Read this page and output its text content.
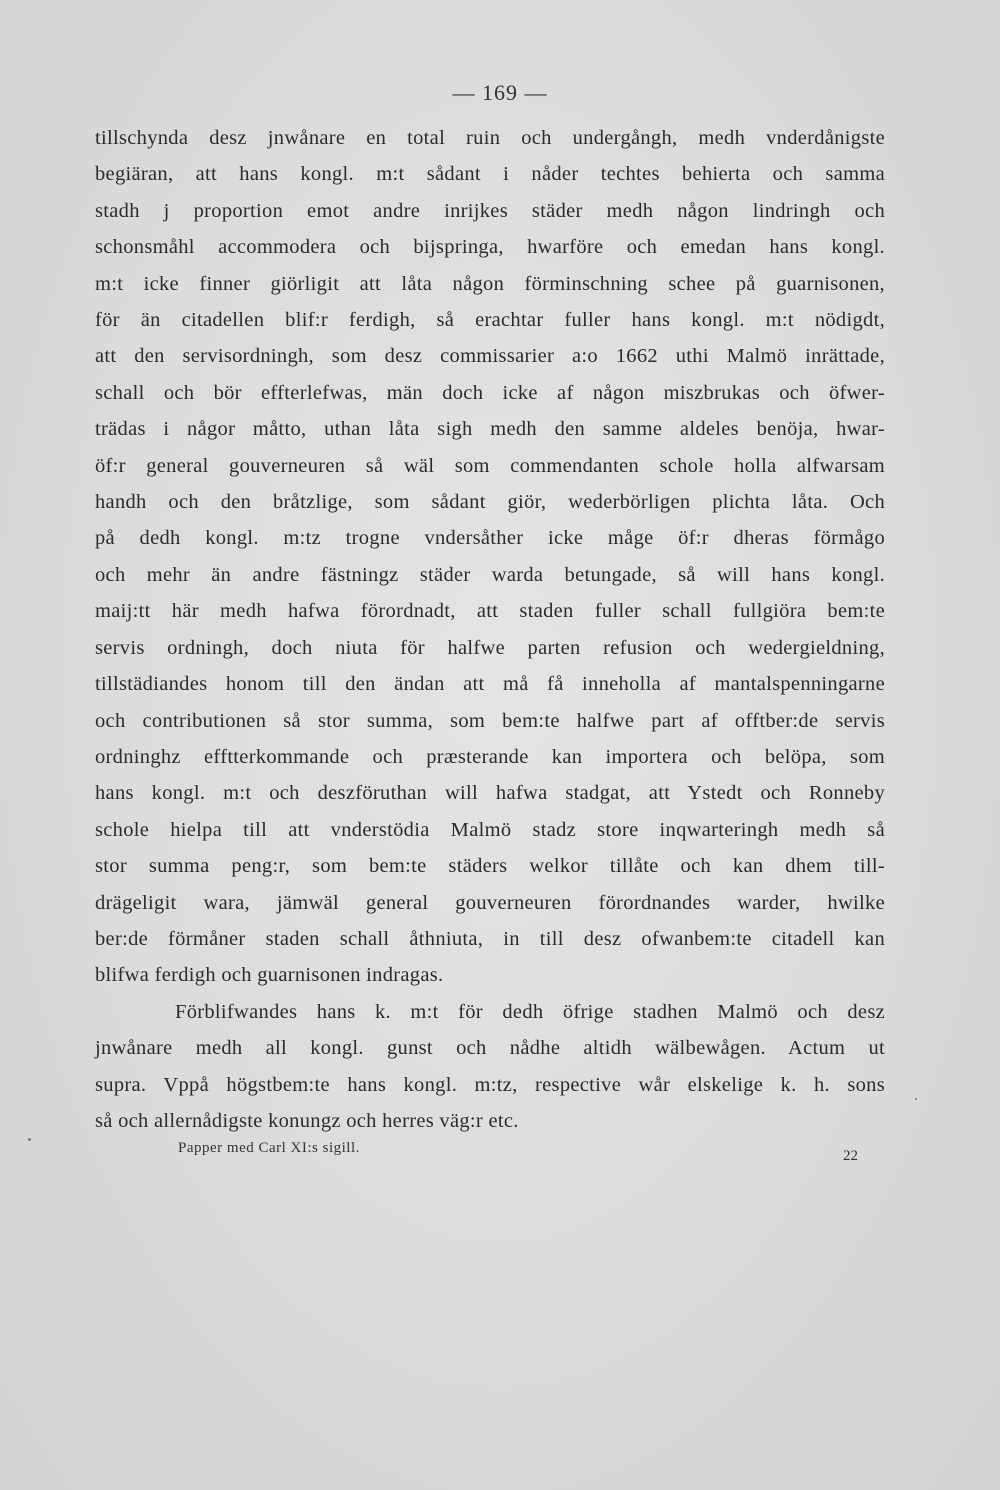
— 169 —
tillschynda desz jnwånare en total ruin och undergångh, medh vnderdånigste
begiäran, att hans kongl. m:t sådant i nåder techtes behierta och samma
stadh j proportion emot andre inrijkes städer medh någon lindringh och
schonsmåhl accommodera och bijspringa, hwarföre och emedan hans kongl.
m:t icke finner giörligit att låta någon förminschning schee på guarnisonen,
för än citadellen blif:r ferdigh, så erachtar fuller hans kongl. m:t nödigdt,
att den servisordningh, som desz commissarier a:o 1662 uthi Malmö inrättade,
schall och bör effterlefwas, män doch icke af någon miszbrukas och öfwer-
trädas i någor måtto, uthan låta sigh medh den samme aldeles benöja, hwar-
öf:r general gouverneuren så wäl som commendanten schole holla alfwarsam
handh och den bråtzlige, som sådant giör, wederbörligen plichta låta. Och
på dedh kongl. m:tz trogne vndersåther icke måge öf:r dheras förmågo
och mehr än andre fästningz städer warda betungade, så will hans kongl.
maij:tt här medh hafwa förordnadt, att staden fuller schall fullgiöra bem:te
servis ordningh, doch niuta för halfwe parten refusion och wedergieldning,
tillstädiandes honom till den ändan att må få inneholla af mantalspenningarne
och contributionen så stor summa, som bem:te halfwe part af offtber:de servis
ordninghz efftterkommande och præsterande kan importera och belöpa, som
hans kongl. m:t och deszföruthan will hafwa stadgat, att Ystedt och Ronneby
schole hielpa till att vnderstödia Malmö stadz store inqwarteringh medh så
stor summa peng:r, som bem:te städers welkor tillåte och kan dhem till-
drägeligit wara, jämwäl general gouverneuren förordnandes warder, hwilke
ber:de förmåner staden schall åthniuta, in till desz ofwanbem:te citadell kan
blifwa ferdigh och guarnisonen indragas.
Förblifwandes hans k. m:t för dedh öfrige stadhen Malmö och desz
jnwånare medh all kongl. gunst och nådhe altidh wälbewågen. Actum ut
supra. Vppå högstbem:te hans kongl. m:tz, respective wår elskelige k. h. sons
så och allernådigste konungz och herres väg:r etc.
Papper med Carl XI:s sigill.	22
